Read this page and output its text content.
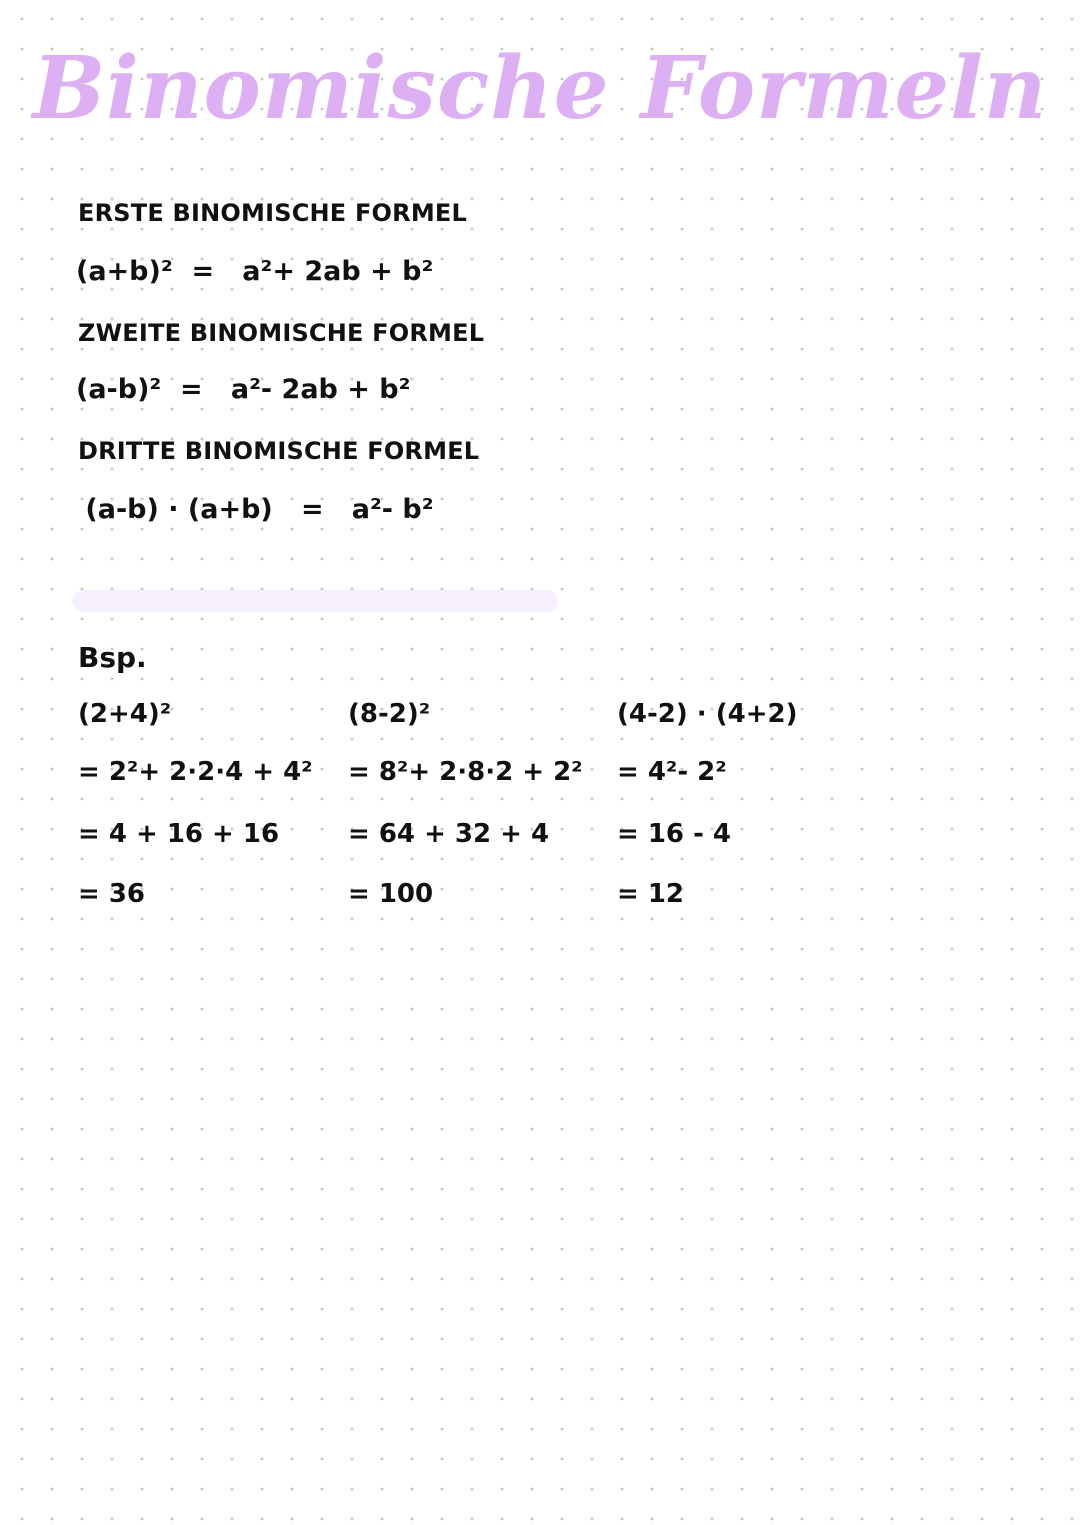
Binomische Formeln
ERSTE BINOMISCHE FORMEL
(a+b)²  =   a²+ 2ab + b²
ZWEITE BINOMISCHE FORMEL
(a-b)²  =   a²- 2ab + b²
DRITTE BINOMISCHE FORMEL
(a-b) · (a+b)   =   a²- b²
Bsp.
(2+4)²
= 2²+ 2·2·4 + 4²
= 4 + 16 + 16
= 36
(8-2)²
= 8²+ 2·8·2 + 2²
= 64 + 32 + 4
= 100
(4-2) · (4+2)
= 4²- 2²
= 16 - 4
= 12
